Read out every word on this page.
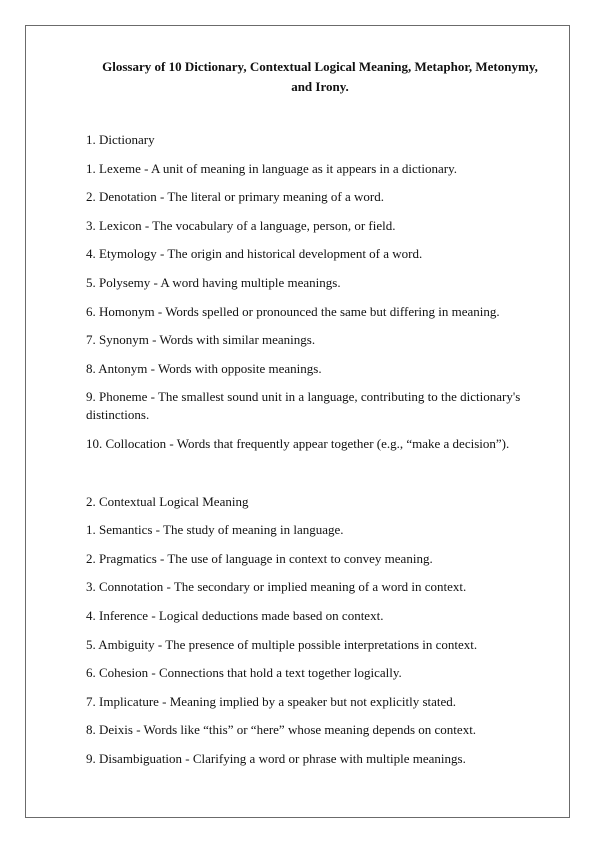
Glossary of 10 Dictionary, Contextual Logical Meaning, Metaphor, Metonymy, and Irony.

1. Dictionary

1. Lexeme - A unit of meaning in language as it appears in a dictionary.

2. Denotation - The literal or primary meaning of a word.

3. Lexicon - The vocabulary of a language, person, or field.

4. Etymology - The origin and historical development of a word.

5. Polysemy - A word having multiple meanings.

6. Homonym - Words spelled or pronounced the same but differing in meaning.

7. Synonym - Words with similar meanings.

8. Antonym - Words with opposite meanings.

9. Phoneme - The smallest sound unit in a language, contributing to the dictionary's distinctions.

10. Collocation - Words that frequently appear together (e.g., “make a decision”).

2. Contextual Logical Meaning

1. Semantics - The study of meaning in language.

2. Pragmatics - The use of language in context to convey meaning.

3. Connotation - The secondary or implied meaning of a word in context.

4. Inference - Logical deductions made based on context.

5. Ambiguity - The presence of multiple possible interpretations in context.

6. Cohesion - Connections that hold a text together logically.

7. Implicature - Meaning implied by a speaker but not explicitly stated.

8. Deixis - Words like “this” or “here” whose meaning depends on context.

9. Disambiguation - Clarifying a word or phrase with multiple meanings.
